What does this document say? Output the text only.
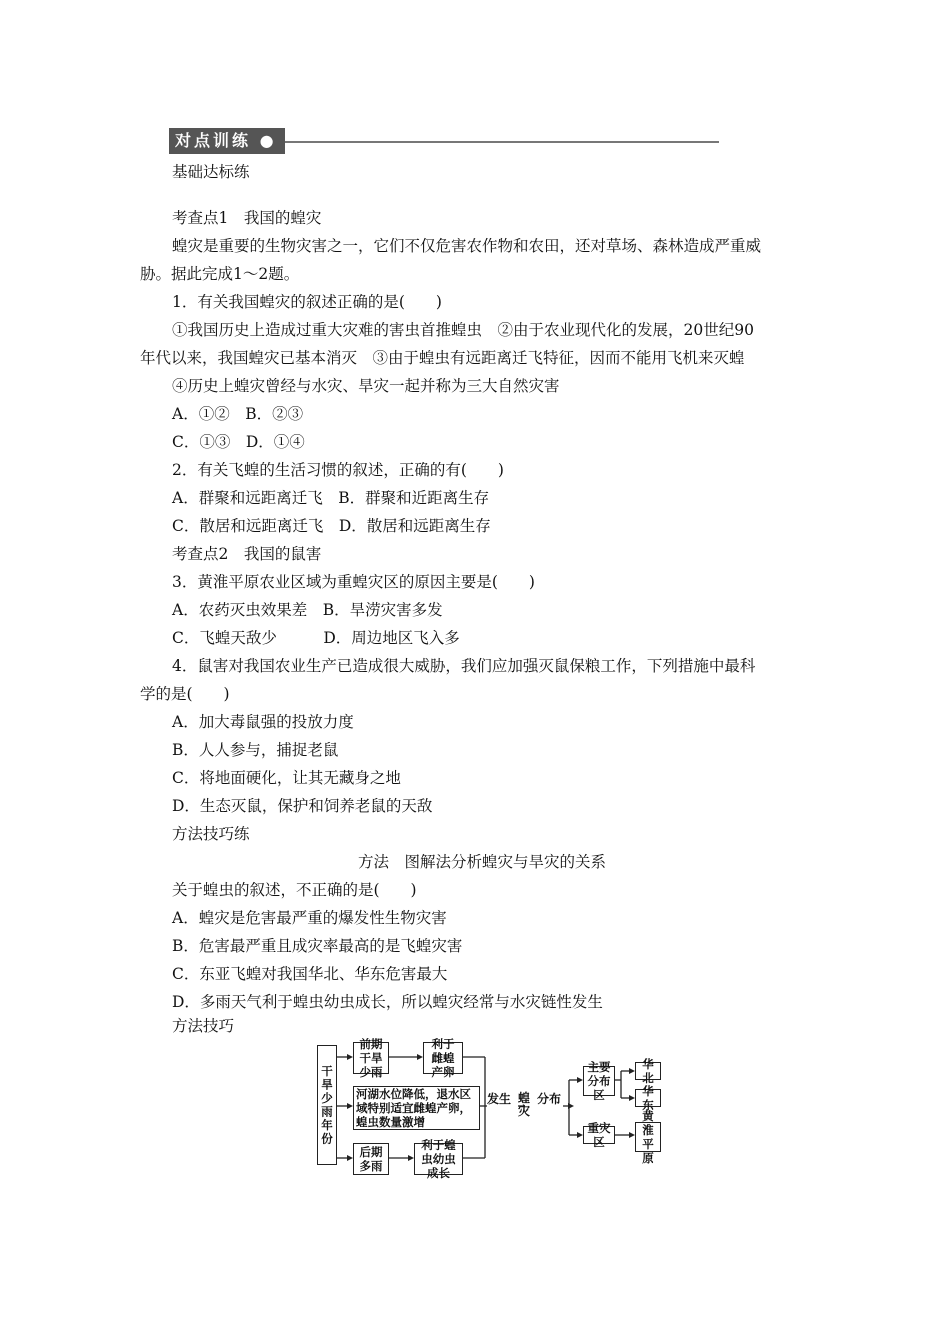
对点训练 ●
基础达标练
考查点1　我国的蝗灾
蝗灾是重要的生物灾害之一，它们不仅危害农作物和农田，还对草场、森林造成严重威
胁。据此完成1～2题。
1．有关我国蝗灾的叙述正确的是(　　)
①我国历史上造成过重大灾难的害虫首推蝗虫　②由于农业现代化的发展，20世纪90
年代以来，我国蝗灾已基本消灭　③由于蝗虫有远距离迁飞特征，因而不能用飞机来灭蝗
④历史上蝗灾曾经与水灾、旱灾一起并称为三大自然灾害
A．①②　B．②③
C．①③　D．①④
2．有关飞蝗的生活习惯的叙述，正确的有(　　)
A．群聚和远距离迁飞　B．群聚和近距离生存
C．散居和远距离迁飞　D．散居和远距离生存
考查点2　我国的鼠害
3．黄淮平原农业区域为重蝗灾区的原因主要是(　　)
A．农药灭虫效果差　B．旱涝灾害多发
C．飞蝗天敌少　　　D．周边地区飞入多
4．鼠害对我国农业生产已造成很大威胁，我们应加强灭鼠保粮工作，下列措施中最科
学的是(　　)
A．加大毒鼠强的投放力度
B．人人参与，捕捉老鼠
C．将地面硬化，让其无藏身之地
D．生态灭鼠，保护和饲养老鼠的天敌
方法技巧练
方法　图解法分析蝗灾与旱灾的关系
关于蝗虫的叙述，不正确的是(　　)
A．蝗灾是危害最严重的爆发性生物灾害
B．危害最严重且成灾率最高的是飞蝗灾害
C．东亚飞蝗对我国华北、华东危害最大
D．多雨天气利于蝗虫幼虫成长，所以蝗灾经常与水灾链性发生
方法技巧
干旱少雨年份
前期干旱少雨
利于雌蝗产卵
河湖水位降低，退水区域特别适宜雌蝗产卵，蝗虫数量激增
后期多雨
利于蝗虫幼虫成长
发生 蝗灾
分布
主要分布区
重灾区
华北
华东
黄淮平原
